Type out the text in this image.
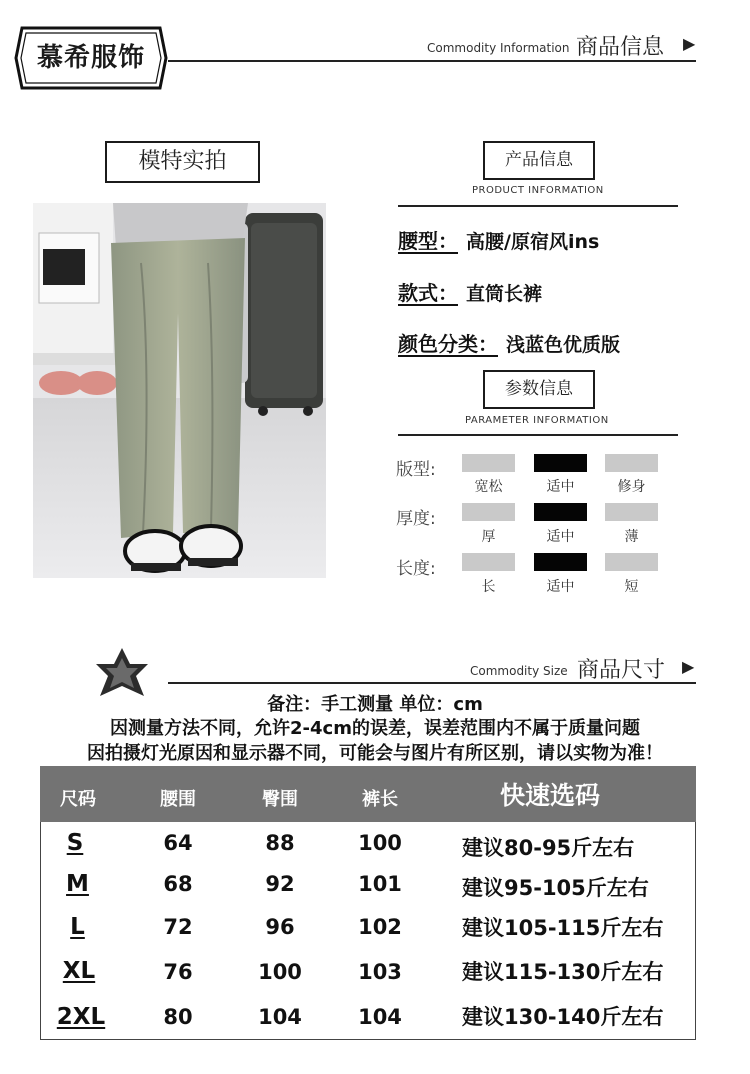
慕希服饰	Commodity Information 商品信息 ▶
模特实拍	产品信息
PRODUCT INFORMATION
腰型： 高腰/原宿风ins
款式： 直筒长裤
颜色分类： 浅蓝色优质版
参数信息
PARAMETER INFORMATION
版型:
宽松	适中	修身
厚度:
厚	适中	薄
长度:
长	适中	短
Commodity Size 商品尺寸 ▶
备注：手工测量 单位：cm
因测量方法不同，允许2-4cm的误差，误差范围内不属于质量问题
因拍摄灯光原因和显示器不同，可能会与图片有所区别，请以实物为准！
尺码	腰围	臀围	裤长	快速选码
S	64	88	100	建议80-95斤左右
M	68	92	101	建议95-105斤左右
L	72	96	102	建议105-115斤左右
XL	76	100	103	建议115-130斤左右
2XL	80	104	104	建议130-140斤左右
